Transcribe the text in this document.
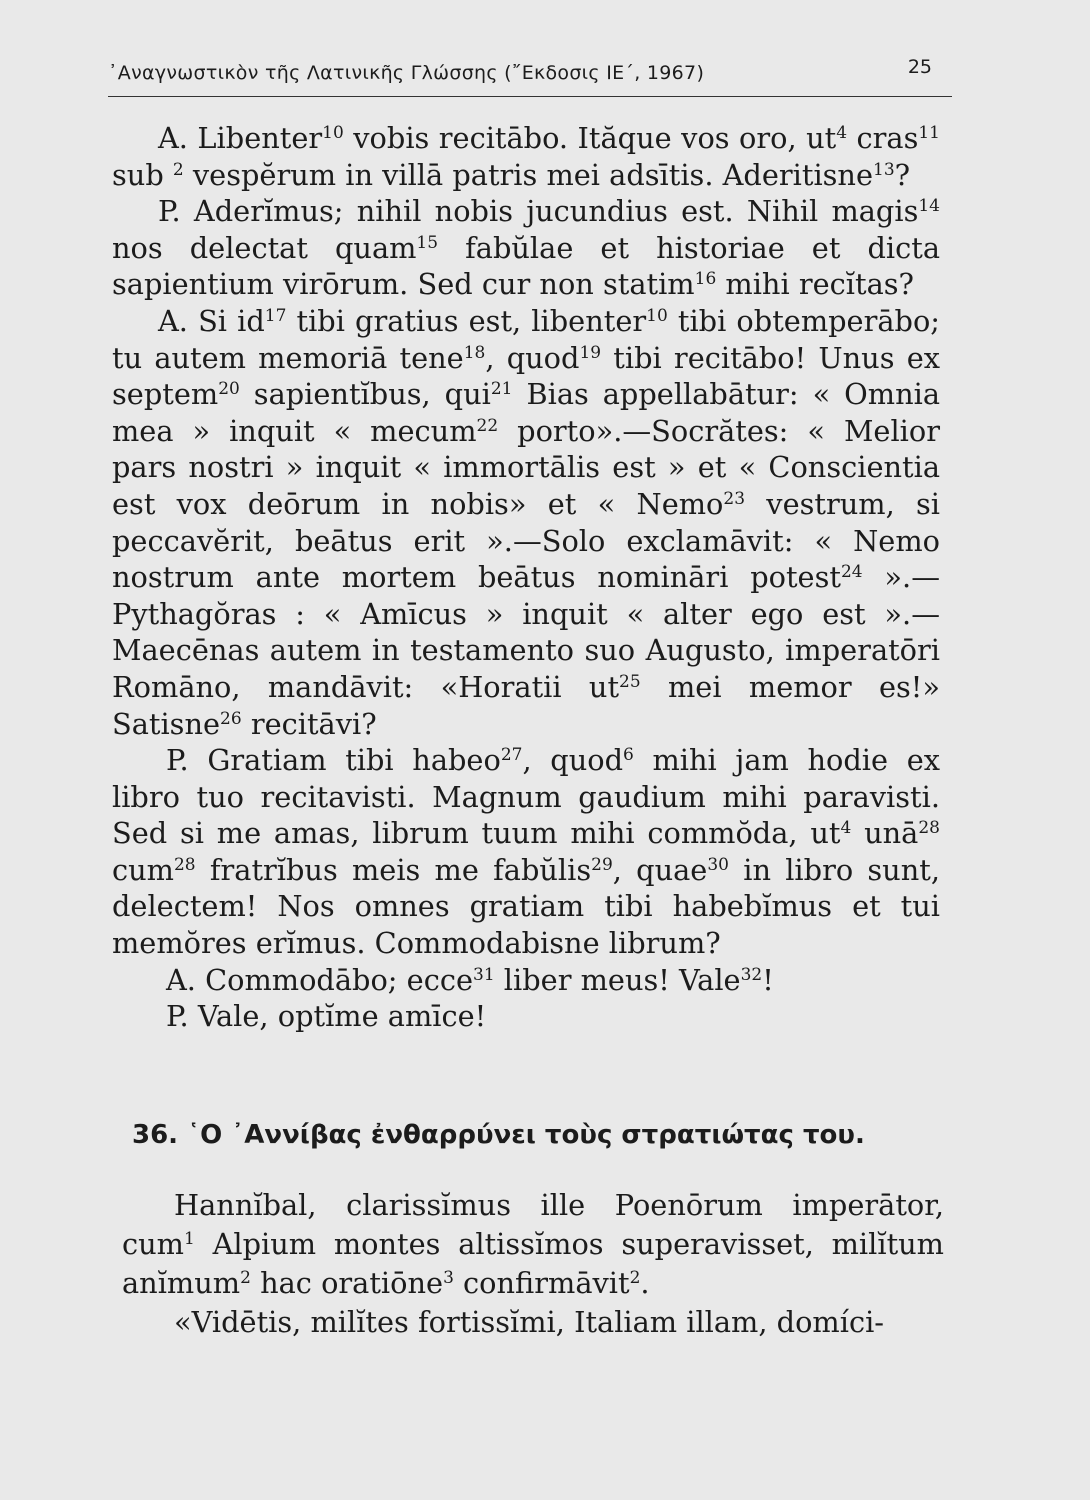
᾽Αναγνωστικὸν τῆς Λατινικῆς Γλώσσης (῎Εκδοσις ΙΕ΄, 1967)	25

A. Libenter$^{10}$ vobis recitābo. Ităque vos oro, $ut^4$ cras$^{11}$ sub $^2$ vespĕrum in villā patris mei adsītis. Aderitisne$^{13}$?

P. Aderĭmus; nihil nobis jucundius est. Nihil magis$^{14}$ nos delectat quam$^{15}$ fabŭlae et historiae et dicta sapientium virōrum. Sed cur non statim$^{16}$ mihi recĭtas?

A. Si $id^{17}$ tibi gratius est, libenter$^{10}$ tibi obtemperābo; tu autem memoriā tene$^{18}$, quod$^{19}$ tibi recitābo! Unus ex septem$^{20}$ sapientĭbus, qui$^{21}$ Bias appellabātur: « Omnia mea » inquit « mecum$^{22}$ porto».—Socrătes: « Melior pars nostri » inquit « immortālis est » et « Conscientia est vox deōrum in nobis» et « Nemo$^{23}$ vestrum, si peccavĕrit, beātus erit ».—Solo exclamāvit: « Nemo nostrum ante mortem beātus nomināri potest$^{24}$ ».—Pythagŏras : « Amīcus » inquit « alter ego est ».—Maecēnas autem in testamento suo Augusto, imperatōri Romāno, mandāvit: «Horatii $ut^{25}$ mei memor es!» Satisne$^{26}$ recitāvi?

P. Gratiam tibi habeo$^{27}$, quod$^6$ mihi jam hodie ex libro tuo recitavisti. Magnum gaudium mihi paravisti. Sed si me amas, librum tuum mihi commŏda, $ut^4$ unā$^{28}$ cum$^{28}$ fratrĭbus meis me fabŭlis$^{29}$, quae$^{30}$ in libro sunt, delectem! Nos omnes gratiam tibi habebĭmus et tui memŏres erĭmus. Commodabisne librum?

A. Commodābo; ecce$^{31}$ liber meus! Vale$^{32}$!

P. Vale, optĭme amīce!

36. ῾Ο ᾽Αννίβας ἐνθαρρύνει τοὺς στρατιώτας του.

Hannĭbal, clarissĭmus ille Poenōrum imperātor, cum$^1$ Alpium montes altissĭmos superavisset, milĭtum anĭmum$^2$ hac oratiōne$^3$ confirmāvit$^2$.

«Vidētis, milĭtes fortissĭmi, Italiam illam, domíci-
